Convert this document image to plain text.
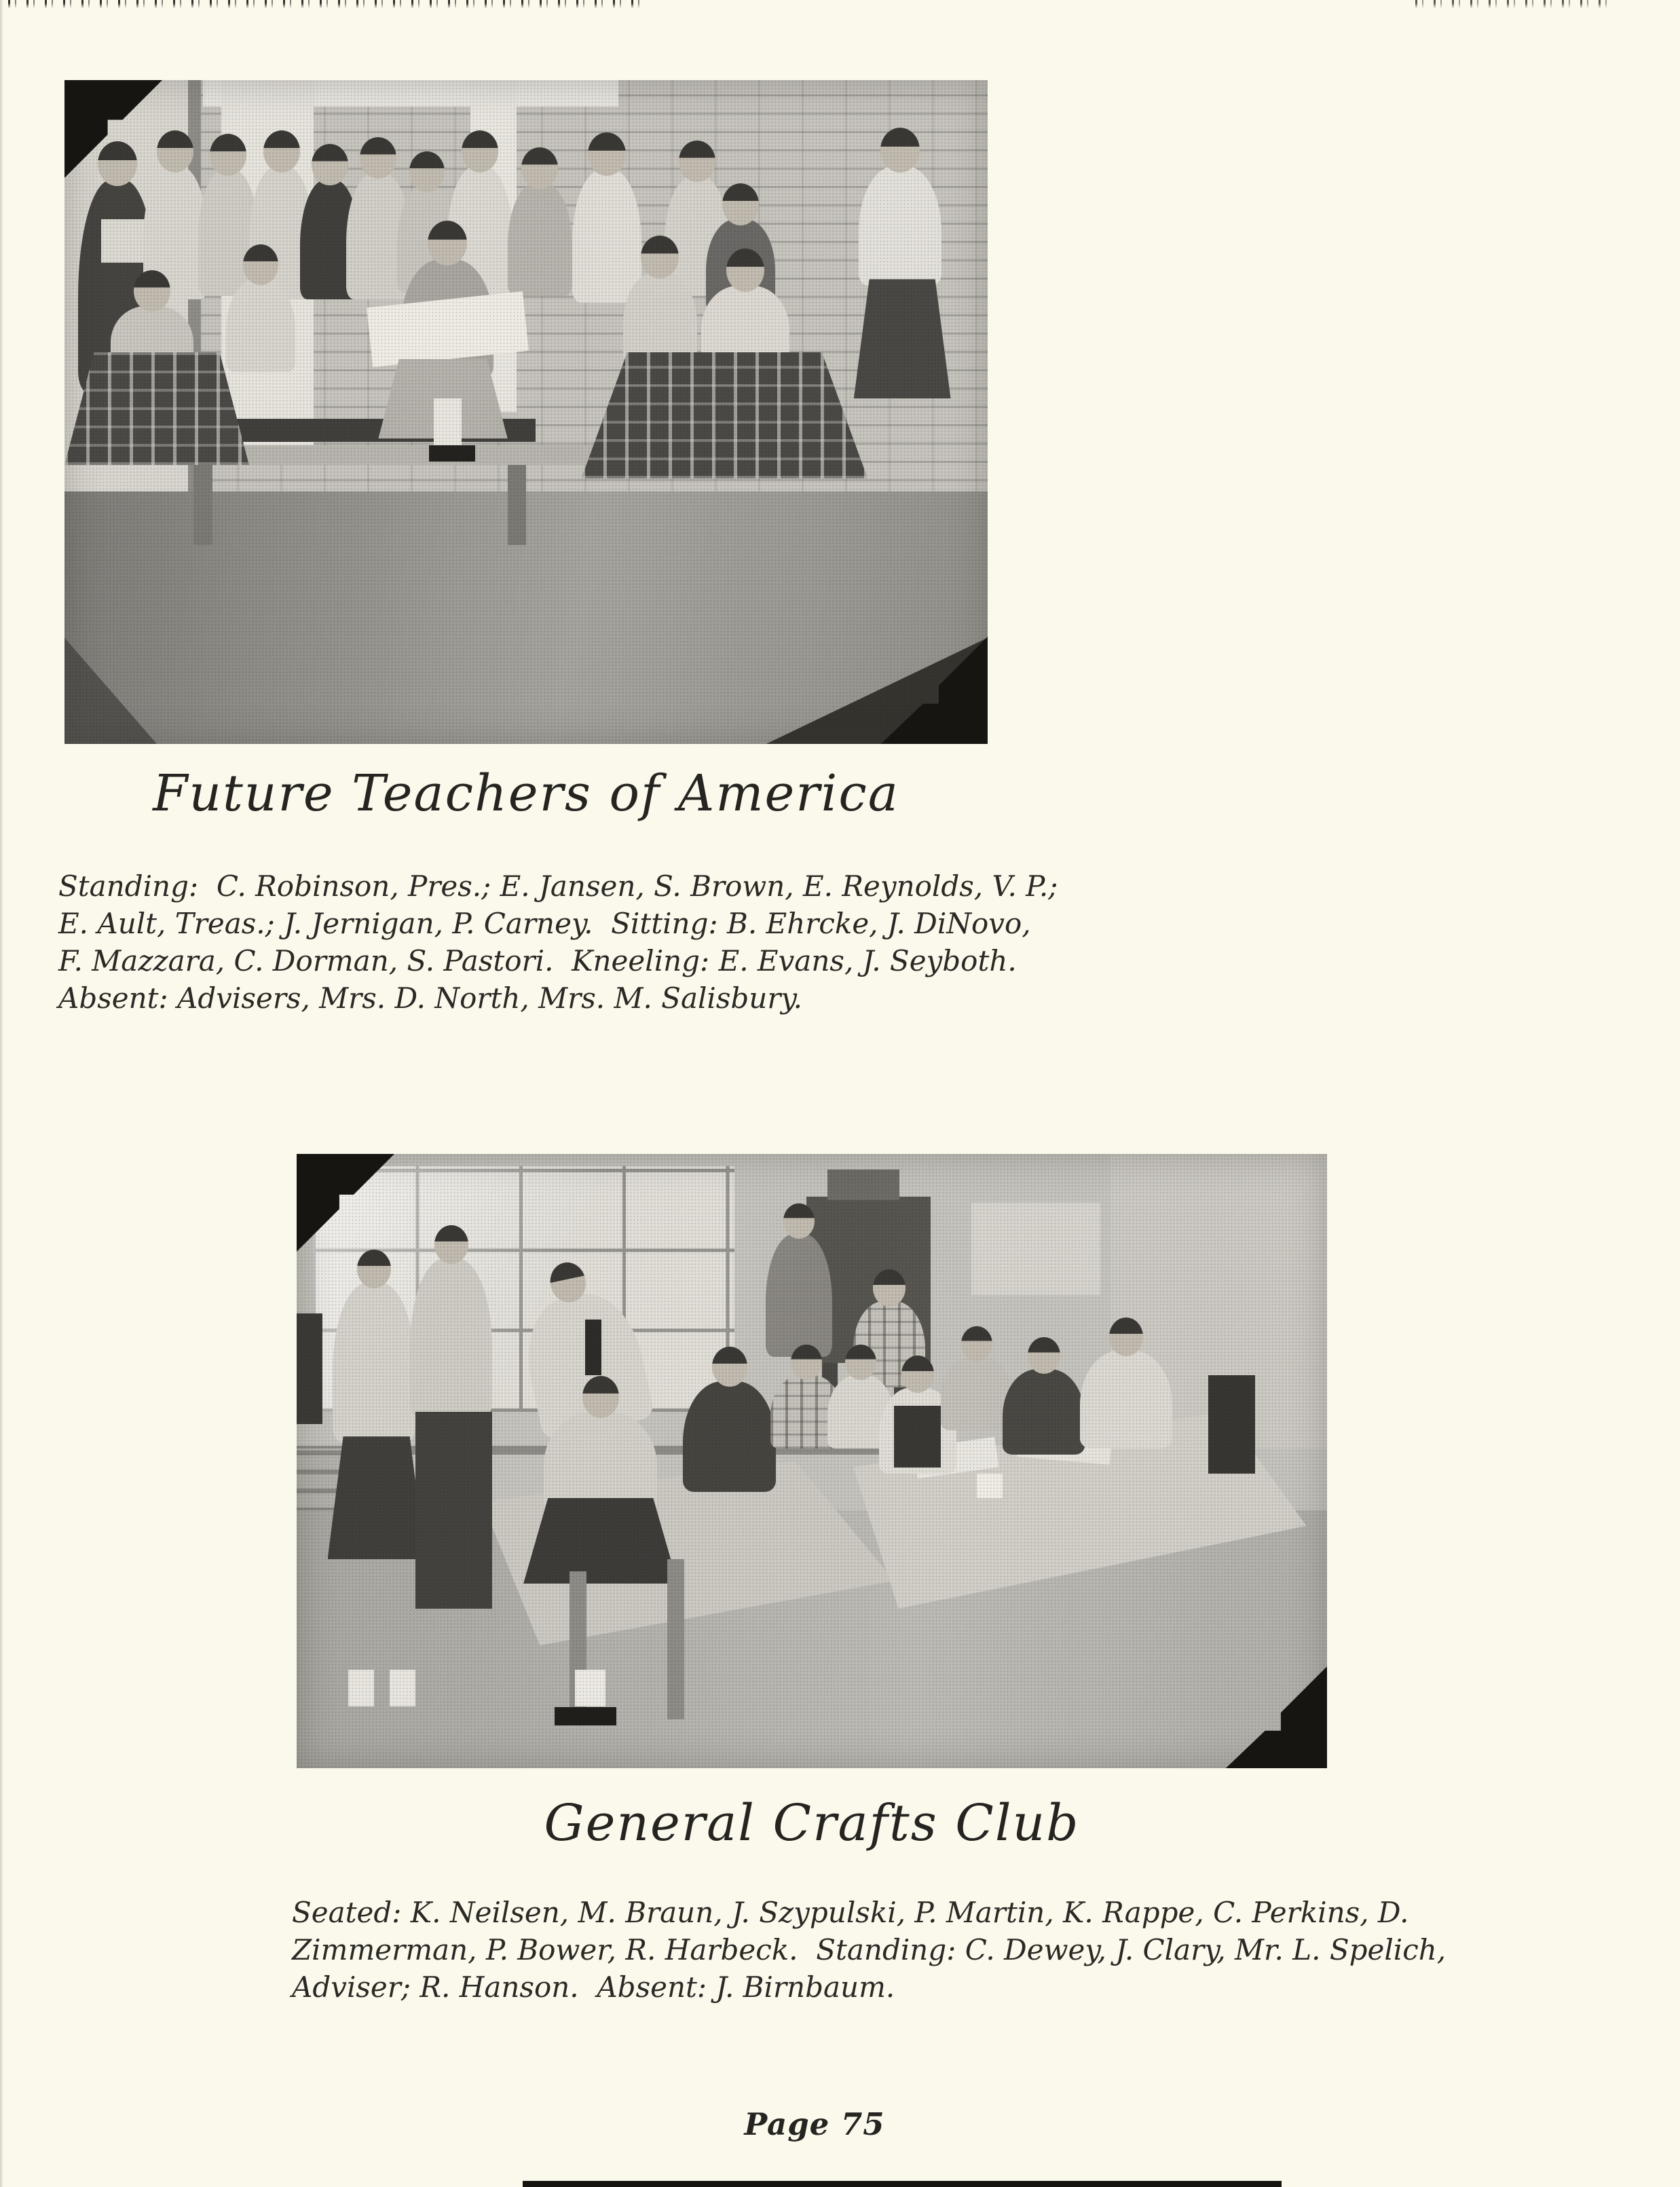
Future Teachers of America
Standing:  C. Robinson, Pres.; E. Jansen, S. Brown, E. Reynolds, V. P.;
E. Ault, Treas.; J. Jernigan, P. Carney.  Sitting: B. Ehrcke, J. DiNovo,
F. Mazzara, C. Dorman, S. Pastori.  Kneeling: E. Evans, J. Seyboth.
Absent: Advisers, Mrs. D. North, Mrs. M. Salisbury.
General Crafts Club
Seated: K. Neilsen, M. Braun, J. Szypulski, P. Martin, K. Rappe, C. Perkins, D.
Zimmerman, P. Bower, R. Harbeck.  Standing: C. Dewey, J. Clary, Mr. L. Spelich,
Adviser; R. Hanson.  Absent: J. Birnbaum.
Page 75
